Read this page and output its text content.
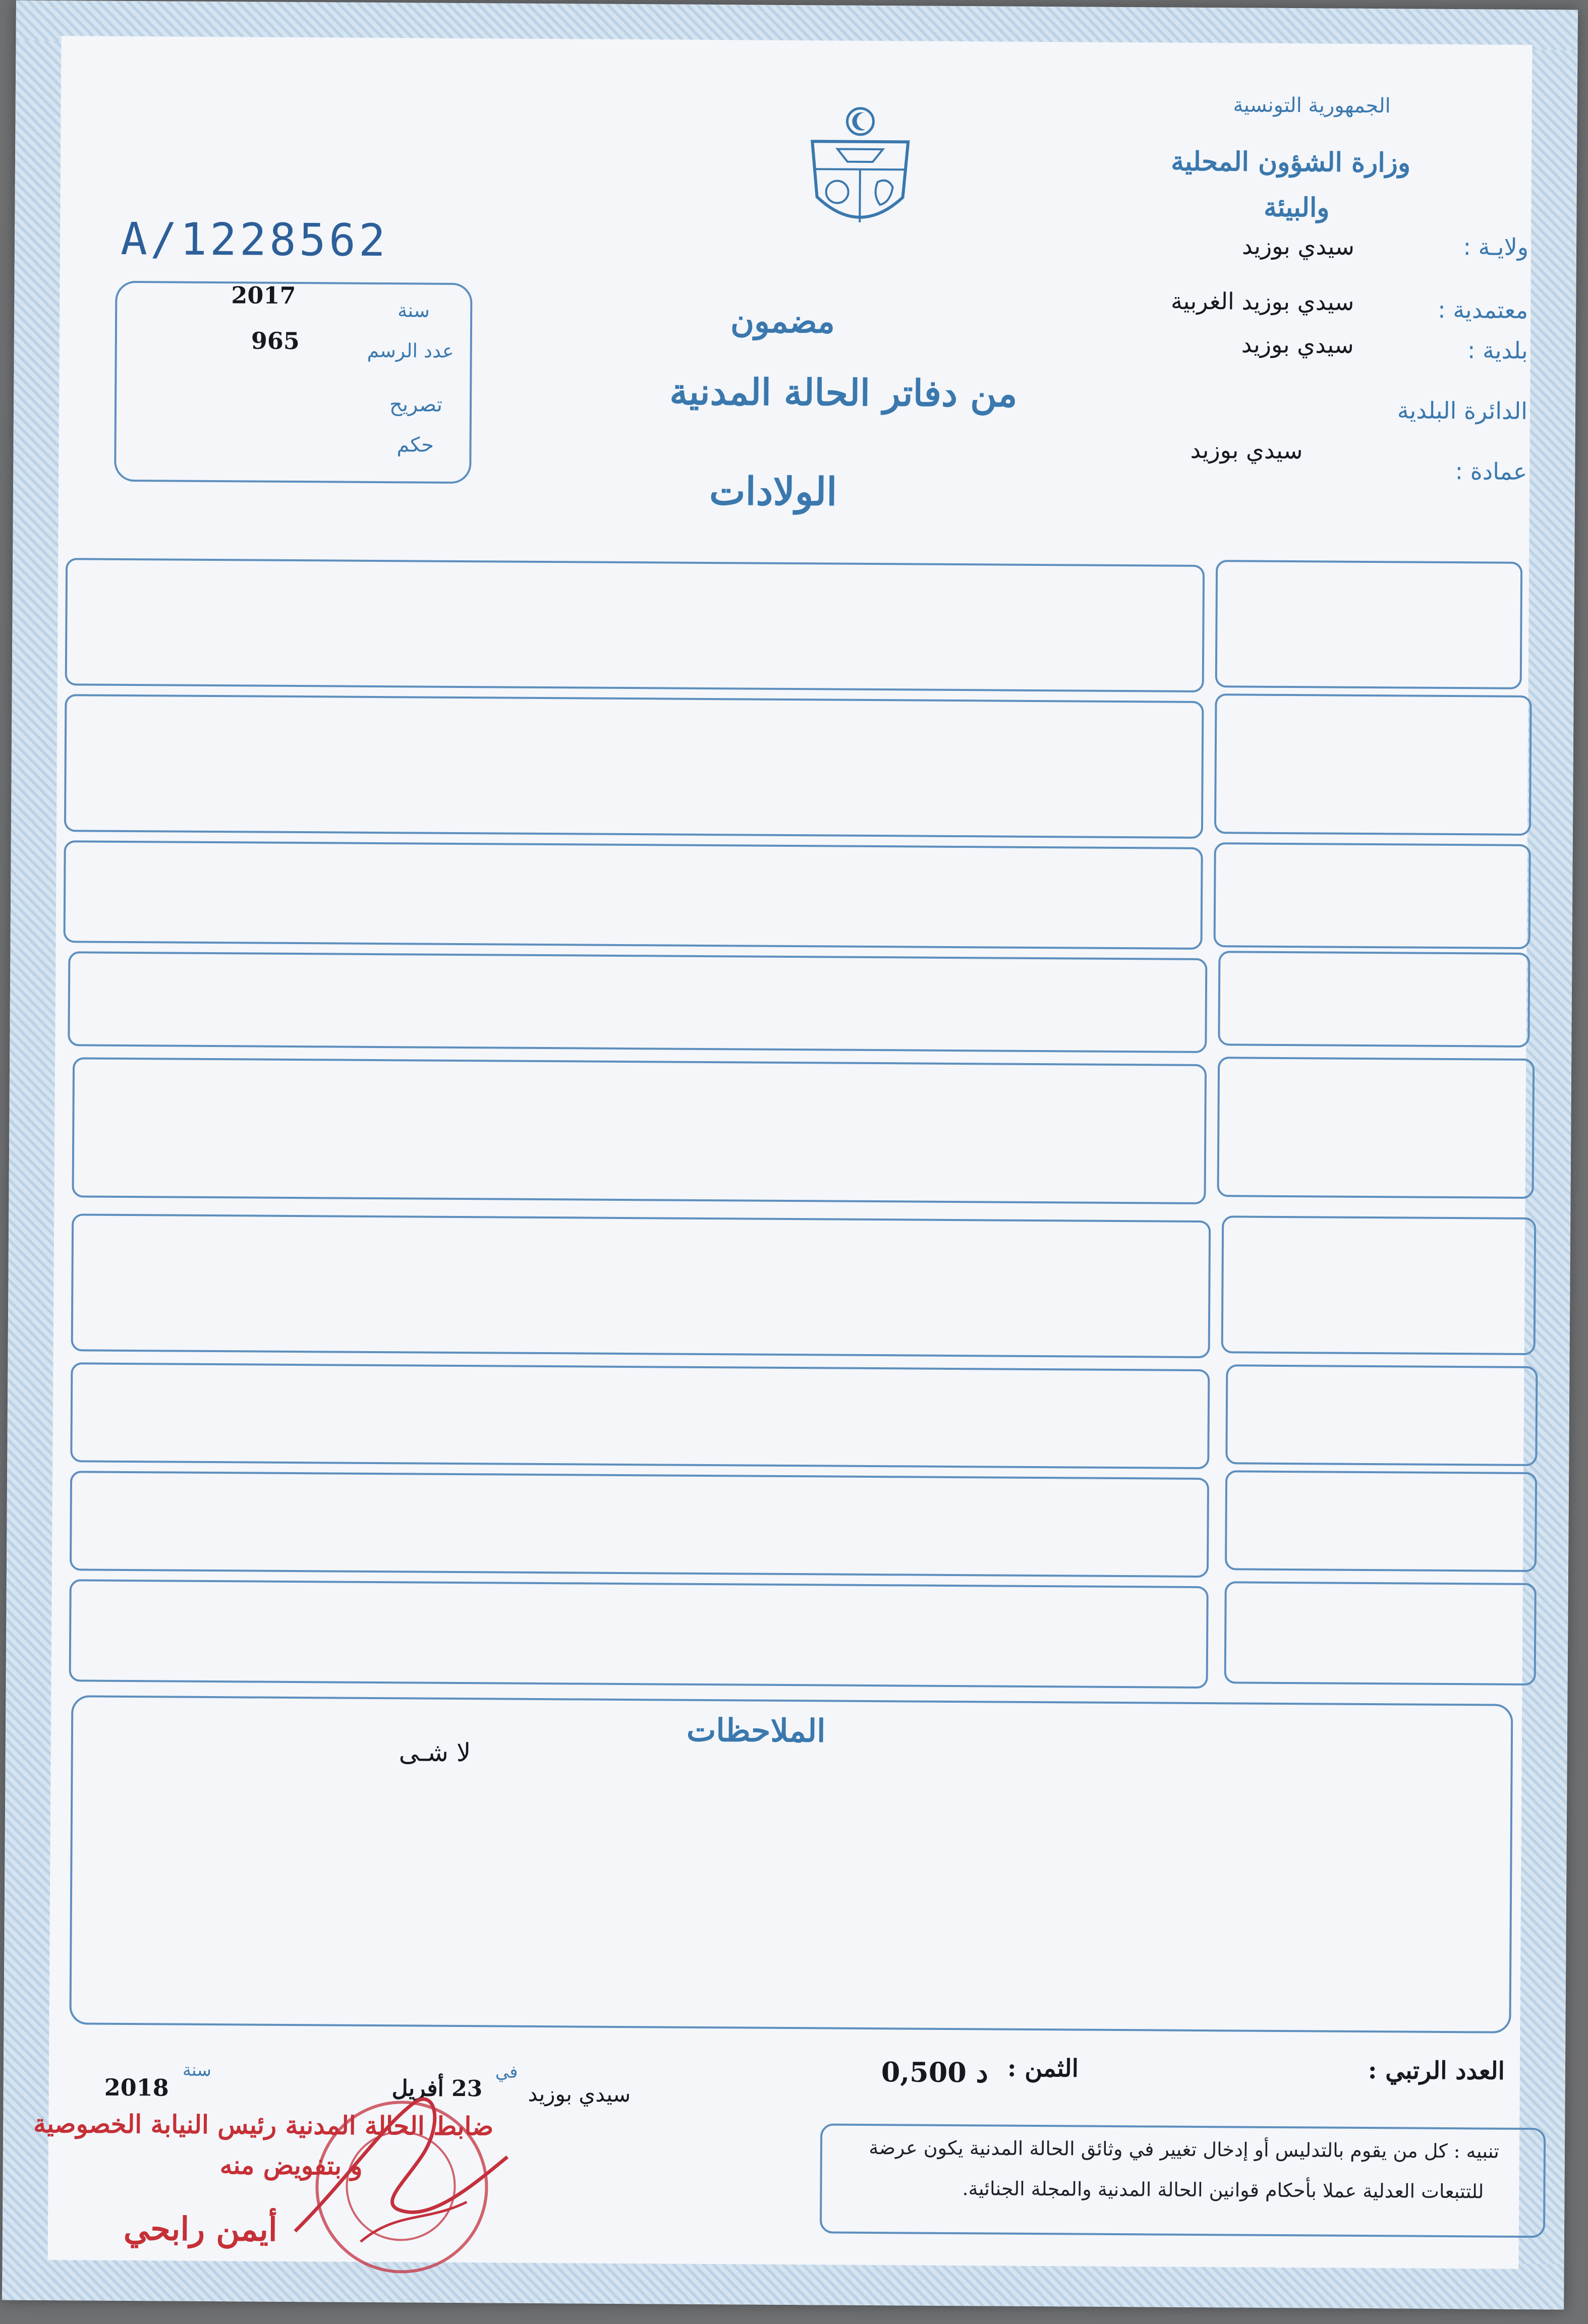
الجمهورية التونسية
وزارة الشؤون المحلية
والبيئة
ولايـة :
سيدي بوزيد
معتمدية :
سيدي بوزيد الغربية
بلدية :
سيدي بوزيد
الدائرة البلدية
عمادة :
سيدي بوزيد
A/1228562
سنة
2017
عدد الرسم
965
تصريح
حكم
مضمون
من دفاتر الحالة المدنية
الولادات
الملاحظات
لا شـى
العدد الرتبي :
الثمن :
0,500 د
سيدي بوزيد
في
23 أفريل
سنة
2018
تنبيه : كل من يقوم بالتدليس أو إدخال تغيير في وثائق الحالة المدنية يكون عرضة
للتتبعات العدلية عملا بأحكام قوانين الحالة المدنية والمجلة الجنائية.
ضابط الحالة المدنية رئيس النيابة الخصوصية
و بتفويض منه
أيمن رابحي
